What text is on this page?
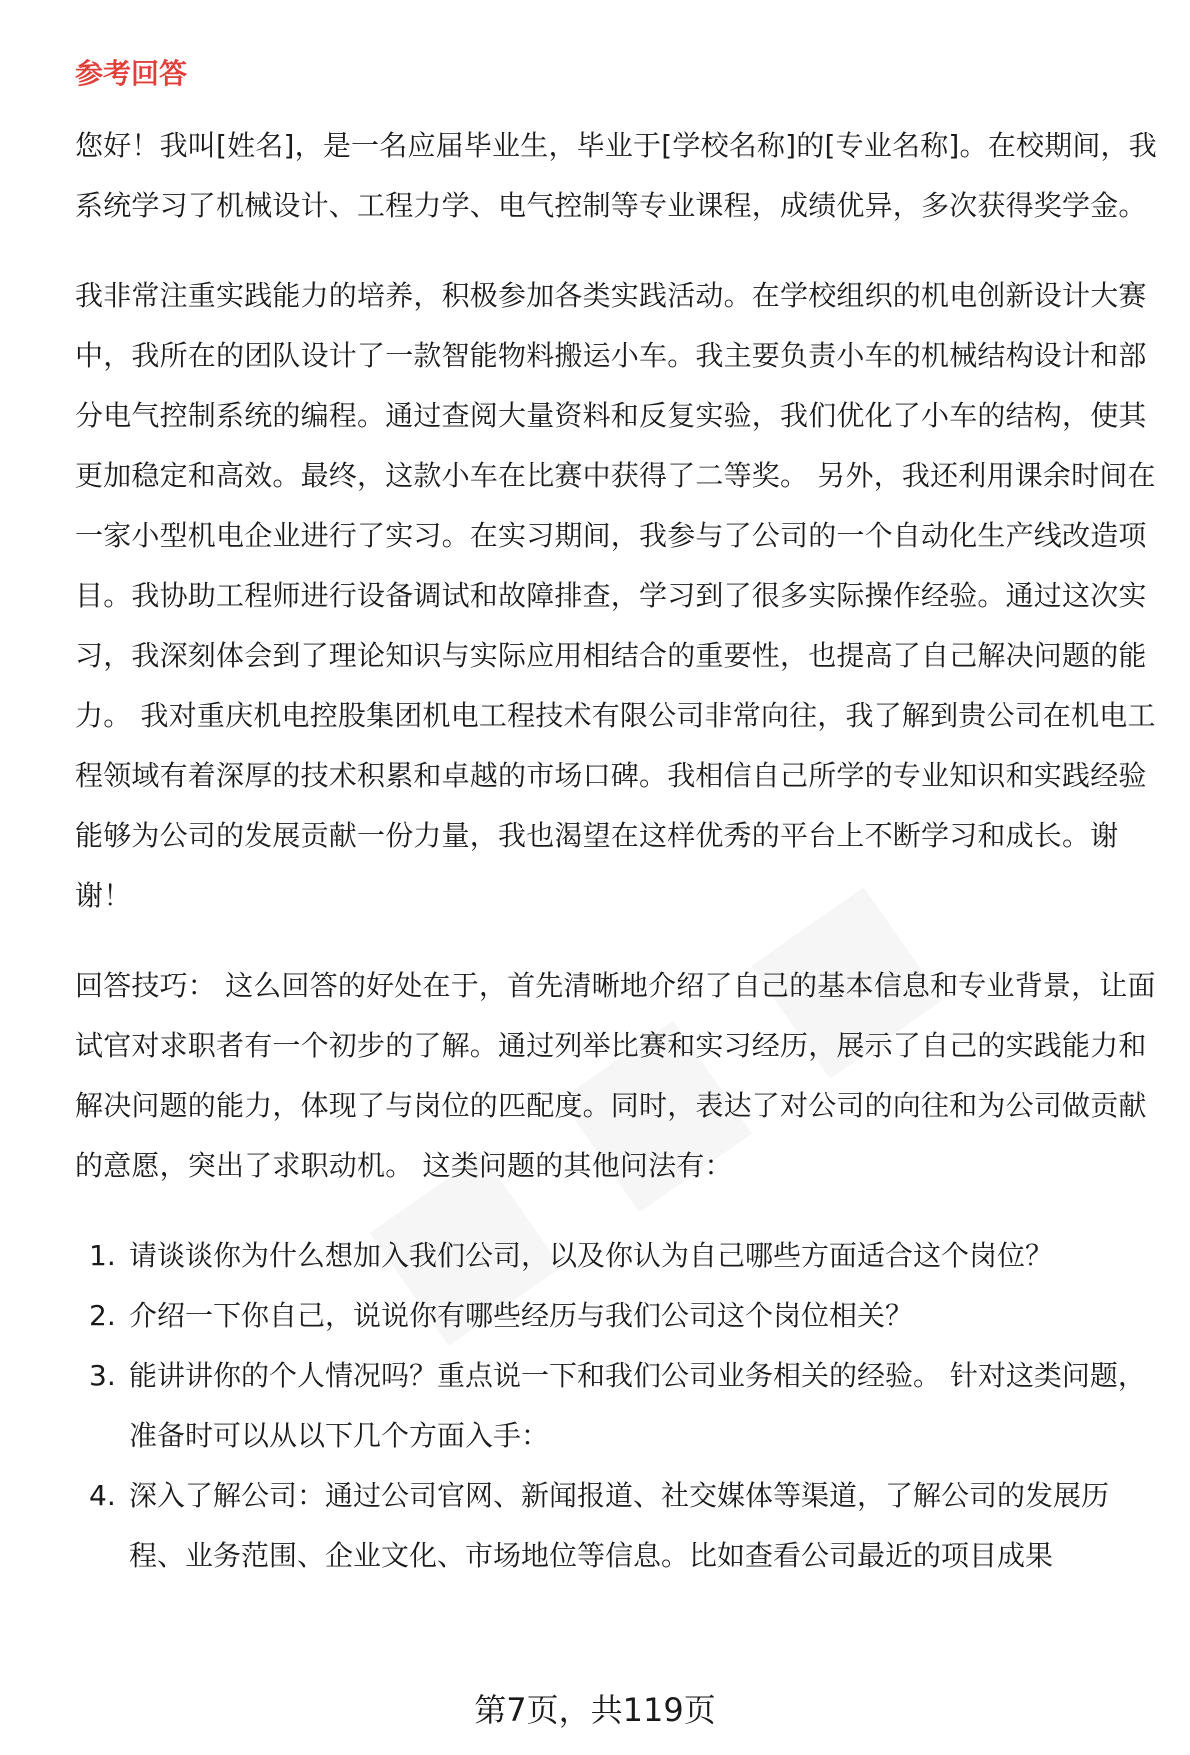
参考回答

您好！我叫[姓名]，是一名应届毕业生，毕业于[学校名称]的[专业名称]。在校期间，我系统学习了机械设计、工程力学、电气控制等专业课程，成绩优异，多次获得奖学金。

我非常注重实践能力的培养，积极参加各类实践活动。在学校组织的机电创新设计大赛中，我所在的团队设计了一款智能物料搬运小车。我主要负责小车的机械结构设计和部分电气控制系统的编程。通过查阅大量资料和反复实验，我们优化了小车的结构，使其更加稳定和高效。最终，这款小车在比赛中获得了二等奖。 另外，我还利用课余时间在一家小型机电企业进行了实习。在实习期间，我参与了公司的一个自动化生产线改造项目。我协助工程师进行设备调试和故障排查，学习到了很多实际操作经验。通过这次实习，我深刻体会到了理论知识与实际应用相结合的重要性，也提高了自己解决问题的能力。 我对重庆机电控股集团机电工程技术有限公司非常向往，我了解到贵公司在机电工程领域有着深厚的技术积累和卓越的市场口碑。我相信自己所学的专业知识和实践经验能够为公司的发展贡献一份力量，我也渴望在这样优秀的平台上不断学习和成长。谢谢！

回答技巧： 这么回答的好处在于，首先清晰地介绍了自己的基本信息和专业背景，让面试官对求职者有一个初步的了解。通过列举比赛和实习经历，展示了自己的实践能力和解决问题的能力，体现了与岗位的匹配度。同时，表达了对公司的向往和为公司做贡献的意愿，突出了求职动机。 这类问题的其他问法有：

1. 请谈谈你为什么想加入我们公司，以及你认为自己哪些方面适合这个岗位？
2. 介绍一下你自己，说说你有哪些经历与我们公司这个岗位相关？
3. 能讲讲你的个人情况吗？重点说一下和我们公司业务相关的经验。 针对这类问题，准备时可以从以下几个方面入手：
4. 深入了解公司：通过公司官网、新闻报道、社交媒体等渠道，了解公司的发展历程、业务范围、企业文化、市场地位等信息。比如查看公司最近的项目成果
第7页，共119页
